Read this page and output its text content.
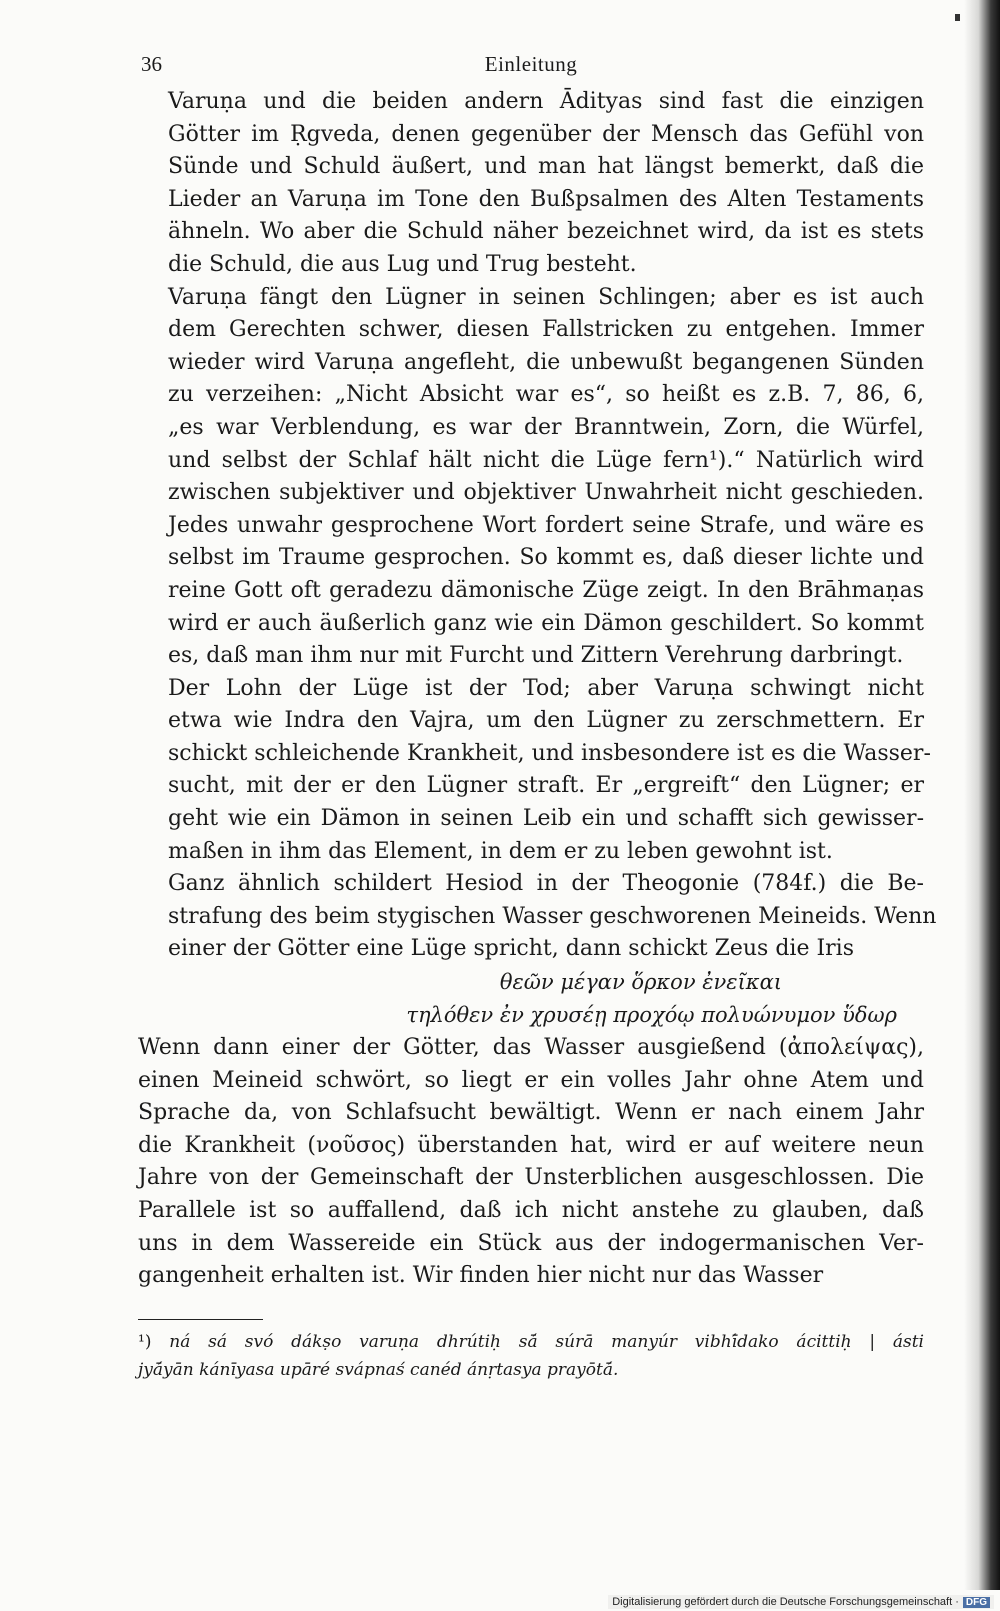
36	Einleitung
Varuṇa und die beiden andern Ādityas sind fast die einzigen
Götter im Ṛgveda, denen gegenüber der Mensch das Gefühl von
Sünde und Schuld äußert, und man hat längst bemerkt, daß die
Lieder an Varuṇa im Tone den Bußpsalmen des Alten Testaments
ähneln. Wo aber die Schuld näher bezeichnet wird, da ist es stets
die Schuld, die aus Lug und Trug besteht.
Varuṇa fängt den Lügner in seinen Schlingen; aber es ist auch
dem Gerechten schwer, diesen Fallstricken zu entgehen. Immer
wieder wird Varuṇa angefleht, die unbewußt begangenen Sünden
zu verzeihen: „Nicht Absicht war es“, so heißt es z.B. 7, 86, 6,
„es war Verblendung, es war der Branntwein, Zorn, die Würfel,
und selbst der Schlaf hält nicht die Lüge fern¹).“ Natürlich wird
zwischen subjektiver und objektiver Unwahrheit nicht geschieden.
Jedes unwahr gesprochene Wort fordert seine Strafe, und wäre es
selbst im Traume gesprochen. So kommt es, daß dieser lichte und
reine Gott oft geradezu dämonische Züge zeigt. In den Brāhmaṇas
wird er auch äußerlich ganz wie ein Dämon geschildert. So kommt
es, daß man ihm nur mit Furcht und Zittern Verehrung darbringt.
Der Lohn der Lüge ist der Tod; aber Varuṇa schwingt nicht
etwa wie Indra den Vajra, um den Lügner zu zerschmettern. Er
schickt schleichende Krankheit, und insbesondere ist es die Wasser-
sucht, mit der er den Lügner straft. Er „ergreift“ den Lügner; er
geht wie ein Dämon in seinen Leib ein und schafft sich gewisser-
maßen in ihm das Element, in dem er zu leben gewohnt ist.
Ganz ähnlich schildert Hesiod in der Theogonie (784f.) die Be-
strafung des beim stygischen Wasser geschworenen Meineids. Wenn
einer der Götter eine Lüge spricht, dann schickt Zeus die Iris
θεῶν μέγαν ὅρκον ἐνεῖκαι
τηλόθεν ἐν χρυσέῃ προχόῳ πολυώνυμον ὕδωρ
Wenn dann einer der Götter, das Wasser ausgießend (ἀπολείψας),
einen Meineid schwört, so liegt er ein volles Jahr ohne Atem und
Sprache da, von Schlafsucht bewältigt. Wenn er nach einem Jahr
die Krankheit (νοῦσος) überstanden hat, wird er auf weitere neun
Jahre von der Gemeinschaft der Unsterblichen ausgeschlossen. Die
Parallele ist so auffallend, daß ich nicht anstehe zu glauben, daß
uns in dem Wassereide ein Stück aus der indogermanischen Ver-
gangenheit erhalten ist. Wir finden hier nicht nur das Wasser
¹) ná sá svó dákṣo varuṇa dhrútiḥ sā́ súrā manyúr vibhī́dako ácittiḥ | ásti
jyā́yān kánīyasa upāré svápnaś canéd ánṛtasya prayōtā́.
Digitalisierung gefördert durch die Deutsche Forschungsgemeinschaft · DFG
